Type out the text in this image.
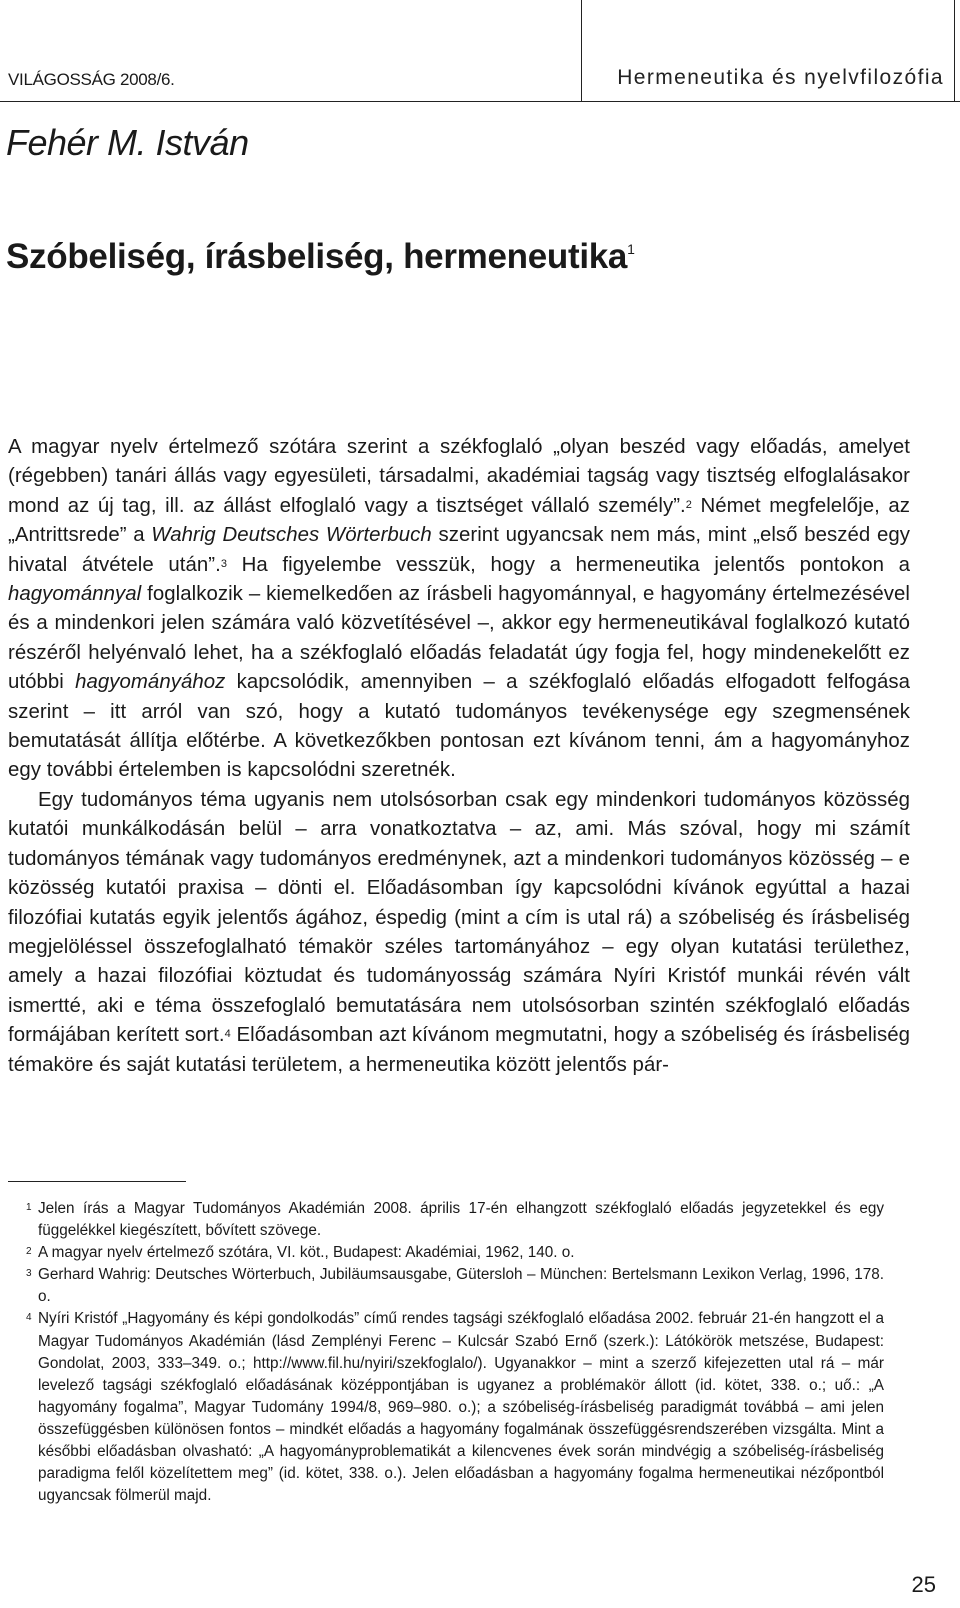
VILÁGOSSÁG 2008/6.	Hermeneutika és nyelvfilozófia
Fehér M. István
Szóbeliség, írásbeliség, hermeneutika$^1$

A magyar nyelv értelmező szótára szerint a székfoglaló „olyan beszéd vagy előadás, amelyet (régebben) tanári állás vagy egyesületi, társadalmi, akadémiai tagság vagy tisztség elfoglalásakor mond az új tag, ill. az állást elfoglaló vagy a tisztséget vállaló személy”.$^2$ Német megfelelője, az „Antrittsrede” a Wahrig Deutsches Wörterbuch szerint ugyancsak nem más, mint „első beszéd egy hivatal átvétele után”.$^3$ Ha figyelembe vesszük, hogy a hermeneutika jelentős pontokon a hagyománnyal foglalkozik – kiemelkedően az írásbeli hagyománnyal, e hagyomány értelmezésével és a mindenkori jelen számára való közvetítésével –, akkor egy hermeneutikával foglalkozó kutató részéről helyénvaló lehet, ha a székfoglaló előadás feladatát úgy fogja fel, hogy mindenekelőtt ez utóbbi hagyományához kapcsolódik, amennyiben – a székfoglaló előadás elfogadott felfogása szerint – itt arról van szó, hogy a kutató tudományos tevékenysége egy szegmensének bemutatását állítja előtérbe. A következőkben pontosan ezt kívánom tenni, ám a hagyományhoz egy további értelemben is kapcsolódni szeretnék.

Egy tudományos téma ugyanis nem utolsósorban csak egy mindenkori tudományos közösség kutatói munkálkodásán belül – arra vonatkoztatva – az, ami. Más szóval, hogy mi számít tudományos témának vagy tudományos eredménynek, azt a mindenkori tudományos közösség – e közösség kutatói praxisa – dönti el. Előadásomban így kapcsolódni kívánok egyúttal a hazai filozófiai kutatás egyik jelentős ágához, éspedig (mint a cím is utal rá) a szóbeliség és írásbeliség megjelöléssel összefoglalható témakör széles tartományához – egy olyan kutatási területhez, amely a hazai filozófiai köztudat és tudományosság számára Nyíri Kristóf munkái révén vált ismertté, aki e téma összefoglaló bemutatására nem utolsósorban szintén székfoglaló előadás formájában kerített sort.$^4$ Előadásomban azt kívánom megmutatni, hogy a szóbeliség és írásbeliség témaköre és saját kutatási területem, a hermeneutika között jelentős pár-

1 Jelen írás a Magyar Tudományos Akadémián 2008. április 17-én elhangzott székfoglaló előadás jegyzetekkel és egy függelékkel kiegészített, bővített szövege.
2 A magyar nyelv értelmező szótára, VI. köt., Budapest: Akadémiai, 1962, 140. o.
3 Gerhard Wahrig: Deutsches Wörterbuch, Jubiläumsausgabe, Gütersloh – München: Bertelsmann Lexikon Verlag, 1996, 178. o.
4 Nyíri Kristóf „Hagyomány és képi gondolkodás” című rendes tagsági székfoglaló előadása 2002. február 21-én hangzott el a Magyar Tudományos Akadémián (lásd Zemplényi Ferenc – Kulcsár Szabó Ernő (szerk.): Látókörök metszése, Budapest: Gondolat, 2003, 333–349. o.; http://www.fil.hu/nyiri/szekfoglalo/). Ugyanakkor – mint a szerző kifejezetten utal rá – már levelező tagsági székfoglaló előadásának középpontjában is ugyanez a problémakör állott (id. kötet, 338. o.; uő.: „A hagyomány fogalma”, Magyar Tudomány 1994/8, 969–980. o.); a szóbeliség-írásbeliség paradigmát továbbá – ami jelen összefüggésben különösen fontos – mindkét előadás a hagyomány fogalmának összefüggésrendszerében vizsgálta. Mint a későbbi előadásban olvasható: „A hagyományproblematikát a kilencvenes évek során mindvégig a szóbeliség-írásbeliség paradigma felől közelítettem meg” (id. kötet, 338. o.). Jelen előadásban a hagyomány fogalma hermeneutikai nézőpontból ugyancsak fölmerül majd.
25
